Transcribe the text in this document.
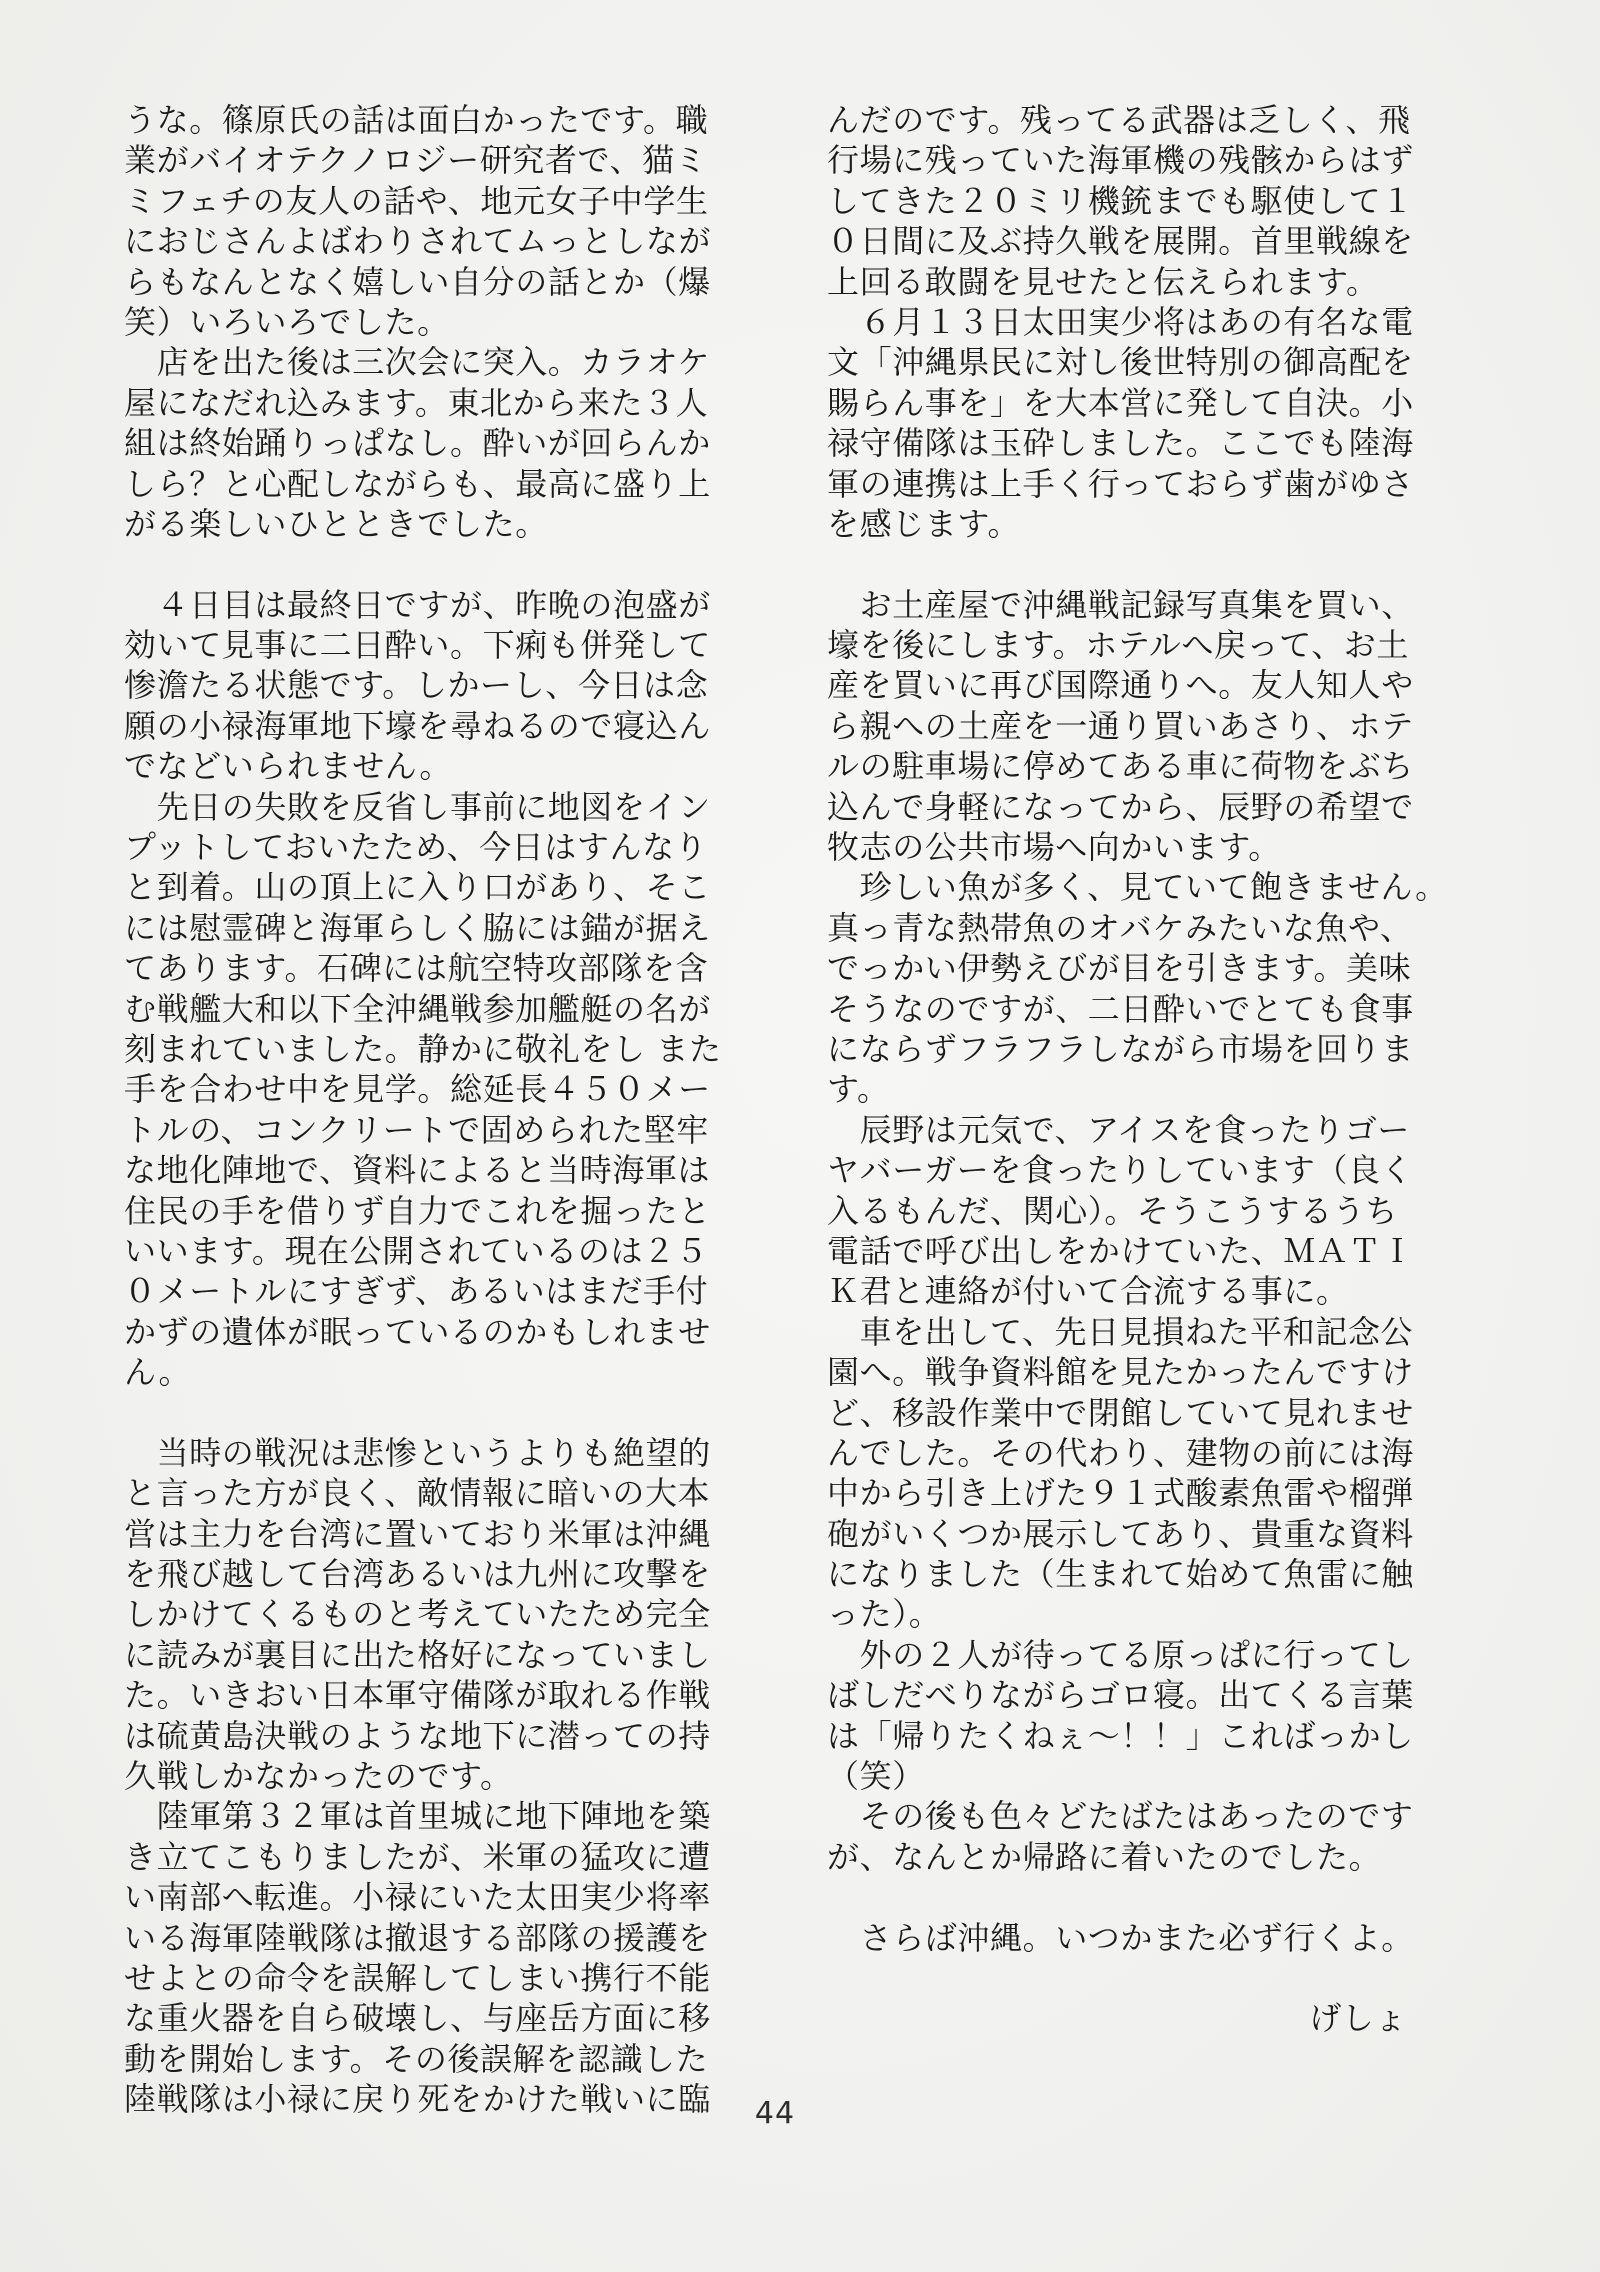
うな。篠原氏の話は面白かったです。職
業がバイオテクノロジー研究者で、猫ミ
ミフェチの友人の話や、地元女子中学生
におじさんよばわりされてムっとしなが
らもなんとなく嬉しい自分の話とか（爆
笑）いろいろでした。
　店を出た後は三次会に突入。カラオケ
屋になだれ込みます。東北から来た３人
組は終始踊りっぱなし。酔いが回らんか
しら？と心配しながらも、最高に盛り上
がる楽しいひとときでした。

　４日目は最終日ですが、昨晩の泡盛が
効いて見事に二日酔い。下痢も併発して
惨澹たる状態です。しかーし、今日は念
願の小禄海軍地下壕を尋ねるので寝込ん
でなどいられません。
　先日の失敗を反省し事前に地図をイン
プットしておいたため、今日はすんなり
と到着。山の頂上に入り口があり、そこ
には慰霊碑と海軍らしく脇には錨が据え
てあります。石碑には航空特攻部隊を含
む戦艦大和以下全沖縄戦参加艦艇の名が
刻まれていました。静かに敬礼をし また
手を合わせ中を見学。総延長４５０メー
トルの、コンクリートで固められた堅牢
な地化陣地で、資料によると当時海軍は
住民の手を借りず自力でこれを掘ったと
いいます。現在公開されているのは２５
０メートルにすぎず、あるいはまだ手付
かずの遺体が眠っているのかもしれませ
ん。

　当時の戦況は悲惨というよりも絶望的
と言った方が良く、敵情報に暗いの大本
営は主力を台湾に置いており米軍は沖縄
を飛び越して台湾あるいは九州に攻撃を
しかけてくるものと考えていたため完全
に読みが裏目に出た格好になっていまし
た。いきおい日本軍守備隊が取れる作戦
は硫黄島決戦のような地下に潜っての持
久戦しかなかったのです。
　陸軍第３２軍は首里城に地下陣地を築
き立てこもりましたが、米軍の猛攻に遭
い南部へ転進。小禄にいた太田実少将率
いる海軍陸戦隊は撤退する部隊の援護を
せよとの命令を誤解してしまい携行不能
な重火器を自ら破壊し、与座岳方面に移
動を開始します。その後誤解を認識した
陸戦隊は小禄に戻り死をかけた戦いに臨
んだのです。残ってる武器は乏しく、飛
行場に残っていた海軍機の残骸からはず
してきた２０ミリ機銃までも駆使して１
０日間に及ぶ持久戦を展開。首里戦線を
上回る敢闘を見せたと伝えられます。
　６月１３日太田実少将はあの有名な電
文「沖縄県民に対し後世特別の御高配を
賜らん事を」を大本営に発して自決。小
禄守備隊は玉砕しました。ここでも陸海
軍の連携は上手く行っておらず歯がゆさ
を感じます。

　お土産屋で沖縄戦記録写真集を買い、
壕を後にします。ホテルへ戻って、お土
産を買いに再び国際通りへ。友人知人や
ら親への土産を一通り買いあさり、ホテ
ルの駐車場に停めてある車に荷物をぶち
込んで身軽になってから、辰野の希望で
牧志の公共市場へ向かいます。
　珍しい魚が多く、見ていて飽きません。
真っ青な熱帯魚のオバケみたいな魚や、
でっかい伊勢えびが目を引きます。美味
そうなのですが、二日酔いでとても食事
にならずフラフラしながら市場を回りま
す。
　辰野は元気で、アイスを食ったりゴー
ヤバーガーを食ったりしています（良く
入るもんだ、関心）。そうこうするうち
電話で呼び出しをかけていた、ＭＡＴＩ
Ｋ君と連絡が付いて合流する事に。
　車を出して、先日見損ねた平和記念公
園へ。戦争資料館を見たかったんですけ
ど、移設作業中で閉館していて見れませ
んでした。その代わり、建物の前には海
中から引き上げた９１式酸素魚雷や榴弾
砲がいくつか展示してあり、貴重な資料
になりました（生まれて始めて魚雷に触
った）。
　外の２人が待ってる原っぱに行ってし
ばしだべりながらゴロ寝。出てくる言葉
は「帰りたくねぇ～！！」こればっかし
（笑）
　その後も色々どたばたはあったのです
が、なんとか帰路に着いたのでした。

　さらば沖縄。いつかまた必ず行くよ。

げしょ
44
